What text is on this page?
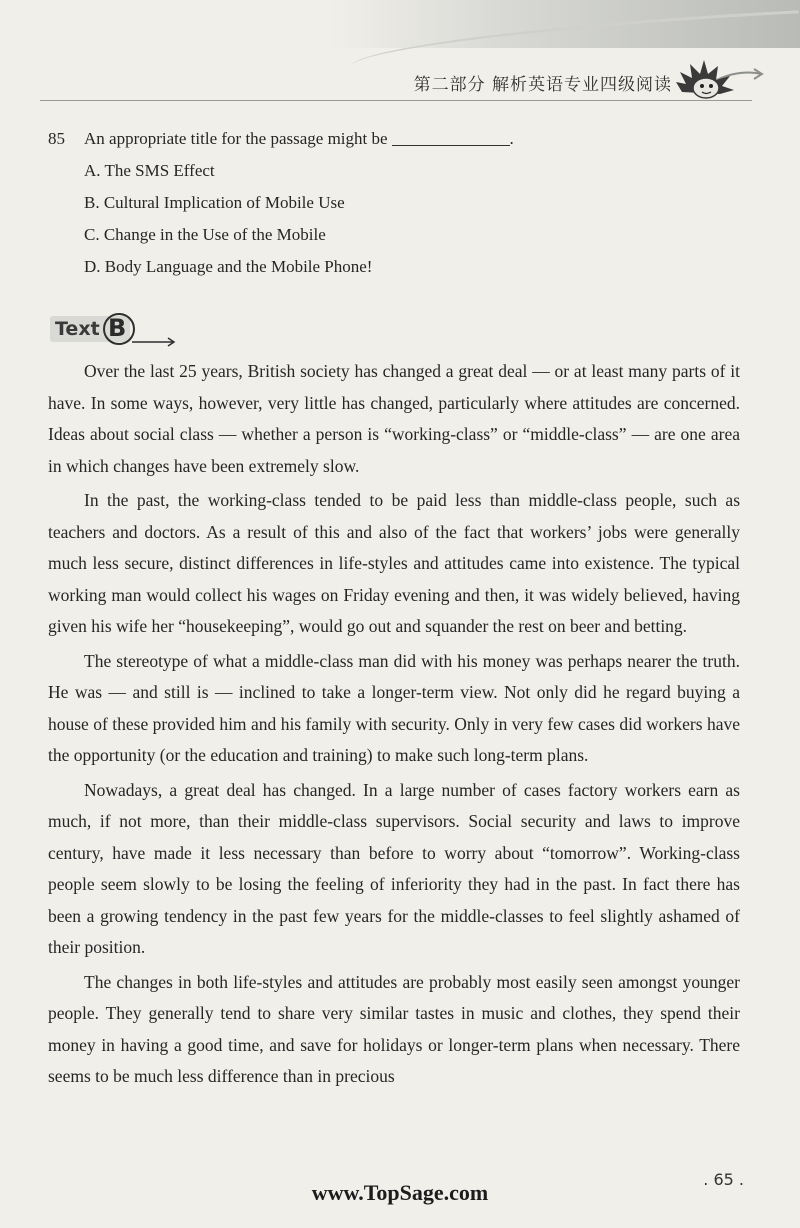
第二部分 解析英语专业四级阅读
85 An appropriate title for the passage might be	.
A. The SMS Effect
B. Cultural Implication of Mobile Use
C. Change in the Use of the Mobile
D. Body Language and the Mobile Phone!
Text B

Over the last 25 years, British society has changed a great deal — or at least many parts of it have. In some ways, however, very little has changed, particularly where attitudes are concerned. Ideas about social class — whether a person is “working-class” or “middle-class” — are one area in which changes have been extremely slow.

In the past, the working-class tended to be paid less than middle-class people, such as teachers and doctors. As a result of this and also of the fact that workers’ jobs were generally much less secure, distinct differences in life-styles and attitudes came into existence. The typical working man would collect his wages on Friday evening and then, it was widely believed, having given his wife her “housekeeping”, would go out and squander the rest on beer and betting.

The stereotype of what a middle-class man did with his money was perhaps nearer the truth. He was — and still is — inclined to take a longer-term view. Not only did he regard buying a house of these provided him and his family with security. Only in very few cases did workers have the opportunity (or the education and training) to make such long-term plans.

Nowadays, a great deal has changed. In a large number of cases factory workers earn as much, if not more, than their middle-class supervisors. Social security and laws to improve century, have made it less necessary than before to worry about “tomorrow”. Working-class people seem slowly to be losing the feeling of inferiority they had in the past. In fact there has been a growing tendency in the past few years for the middle-classes to feel slightly ashamed of their position.

The changes in both life-styles and attitudes are probably most easily seen amongst younger people. They generally tend to share very similar tastes in music and clothes, they spend their money in having a good time, and save for holidays or longer-term plans when necessary. There seems to be much less difference than in precious

. 65 .
www.TopSage.com
